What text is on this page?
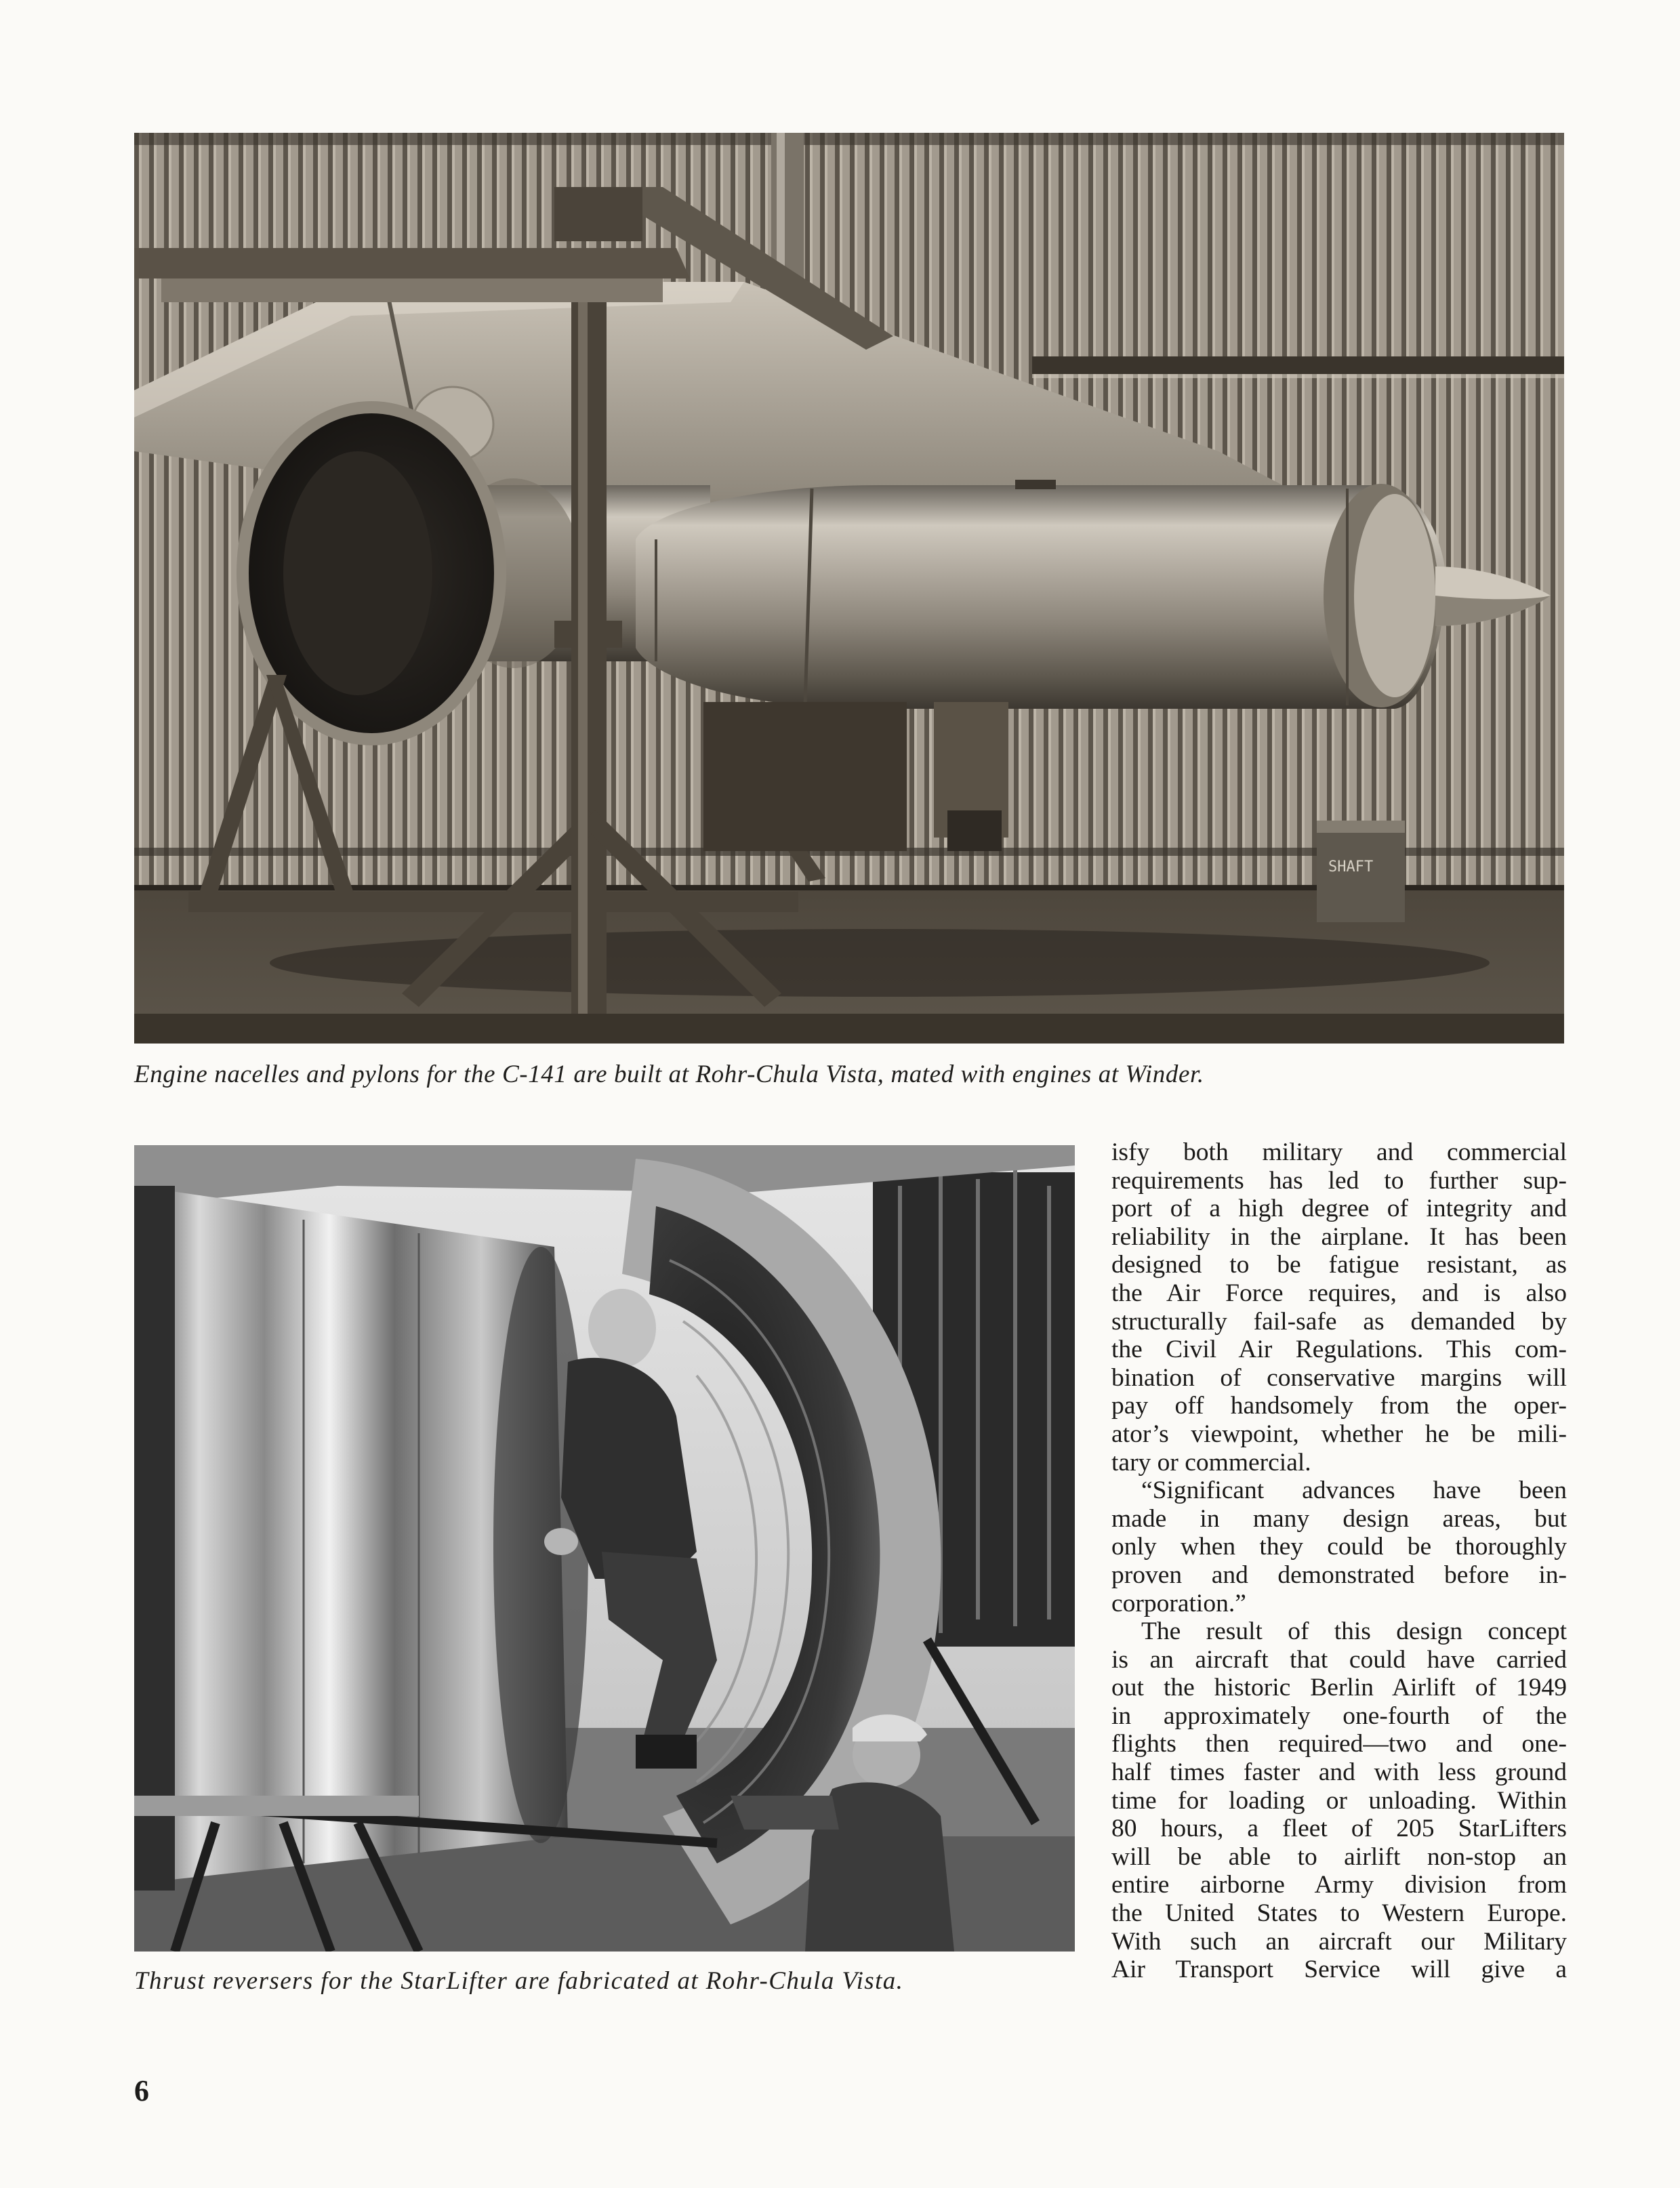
SHAFT
Engine nacelles and pylons for the C-141 are built at Rohr-Chula Vista, mated with engines at Winder.
Thrust reversers for the StarLifter are fabricated at Rohr-Chula Vista.
isfy both military and commercial
requirements has led to further sup-
port of a high degree of integrity and
reliability in the airplane. It has been
designed to be fatigue resistant, as
the Air Force requires, and is also
structurally fail-safe as demanded by
the Civil Air Regulations. This com-
bination of conservative margins will
pay off handsomely from the oper-
ator’s viewpoint, whether he be mili-
tary or commercial.
“Significant advances have been
made in many design areas, but
only when they could be thoroughly
proven and demonstrated before in-
corporation.”
The result of this design concept
is an aircraft that could have carried
out the historic Berlin Airlift of 1949
in approximately one-fourth of the
flights then required—two and one-
half times faster and with less ground
time for loading or unloading. Within
80 hours, a fleet of 205 StarLifters
will be able to airlift non-stop an
entire airborne Army division from
the United States to Western Europe.
With such an aircraft our Military
Air Transport Service will give a
6
